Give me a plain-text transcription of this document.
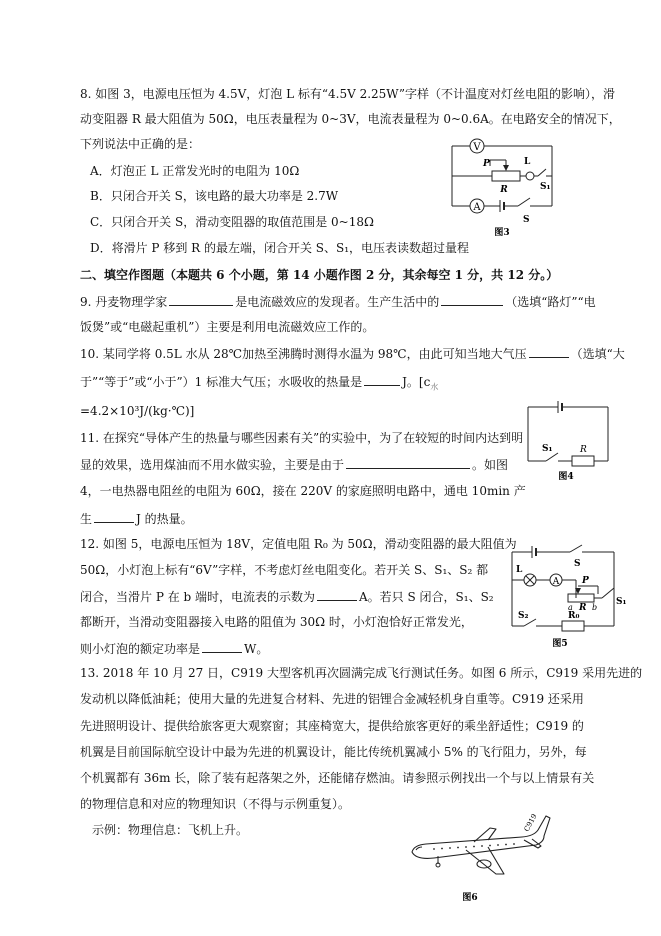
8. 如图 3，电源电压恒为 4.5V，灯泡 L 标有“4.5V 2.25W”字样（不计温度对灯丝电阻的影响），滑
动变阻器 R 最大阻值为 50Ω，电压表量程为 0~3V，电流表量程为 0~0.6A。在电路安全的情况下，
下列说法中正确的是：
A．灯泡正 L 正常发光时的电阻为 10Ω
B．只闭合开关 S，该电路的最大功率是 2.7W
C．只闭合开关 S，滑动变阻器的取值范围是 0~18Ω
D．将滑片 P 移到 R 的最左端，闭合开关 S、S₁，电压表读数超过量程
V
A
P
R
L
S₁
S
图3
二、填空作图题（本题共 6 个小题，第 14 小题作图 2 分，其余每空 1 分，共 12 分。）
9. 丹麦物理学家	是电流磁效应的发现者。生产生活中的	（选填“路灯”“电
饭煲”或“电磁起重机”）主要是利用电流磁效应工作的。
10. 某同学将 0.5L 水从 28℃加热至沸腾时测得水温为 98℃，由此可知当地大气压	（选填“大
于”“等于”或“小于”）1 标准大气压；水吸收的热量是	J。[$c_水$
=4.2×10³J/(kg·℃)]
S₁	R
图4
11. 在探究“导体产生的热量与哪些因素有关”的实验中，为了在较短的时间内达到明
显的效果，选用煤油而不用水做实验，主要是由于	。如图
4，一电热器电阻丝的电阻为 60Ω，接在 220V 的家庭照明电路中，通电 10min 产
生	J 的热量。
12. 如图 5，电源电压恒为 18V，定值电阻 R₀ 为 50Ω，滑动变阻器的最大阻值为
50Ω，小灯泡上标有“6V”字样，不考虑灯丝电阻变化。若开关 S、S₁、S₂ 都
闭合，当滑片 P 在 b 端时，电流表的示数为	A。若只 S 闭合，S₁、S₂
都断开，当滑动变阻器接入电路的阻值为 30Ω 时，小灯泡恰好正常发光，
则小灯泡的额定功率是	W。
S
L
A	P
a R b
S₁
S₂	R₀
图5
13. 2018 年 10 月 27 日，C919 大型客机再次圆满完成飞行测试任务。如图 6 所示，C919 采用先进的
发动机以降低油耗；使用大量的先进复合材料、先进的铝锂合金减轻机身自重等。C919 还采用
先进照明设计、提供给旅客更大观察窗；其座椅宽大，提供给旅客更好的乘坐舒适性；C919 的
机翼是目前国际航空设计中最为先进的机翼设计，能比传统机翼减小 5% 的飞行阻力，另外，每
个机翼都有 36m 长，除了装有起落架之外，还能储存燃油。请参照示例找出一个与以上情景有关
的物理信息和对应的物理知识（不得与示例重复）。
示例：物理信息：飞机上升。	C919
图6
